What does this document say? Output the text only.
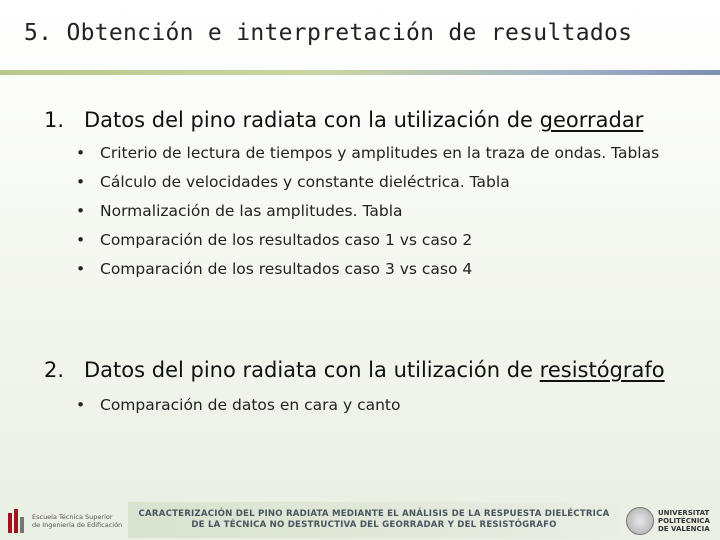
5. Obtención e interpretación de resultados
1. Datos del pino radiata con la utilización de georradar
• Criterio de lectura de tiempos y amplitudes en la traza de ondas. Tablas
• Cálculo de velocidades y constante dieléctrica. Tabla
• Normalización de las amplitudes. Tabla
• Comparación de los resultados caso 1 vs caso 2
• Comparación de los resultados caso 3 vs caso 4
2. Datos del pino radiata con la utilización de resistógrafo
• Comparación de datos en cara y canto
Escuela Técnica Superior
de Ingeniería de Edificación
CARACTERIZACIÓN DEL PINO RADIATA MEDIANTE EL ANÁLISIS DE LA RESPUESTA DIELÉCTRICA
DE LA TÉCNICA NO DESTRUCTIVA DEL GEORRADAR Y DEL RESISTÓGRAFO
UNIVERSITAT
POLITÈCNICA
DE VALÈNCIA
